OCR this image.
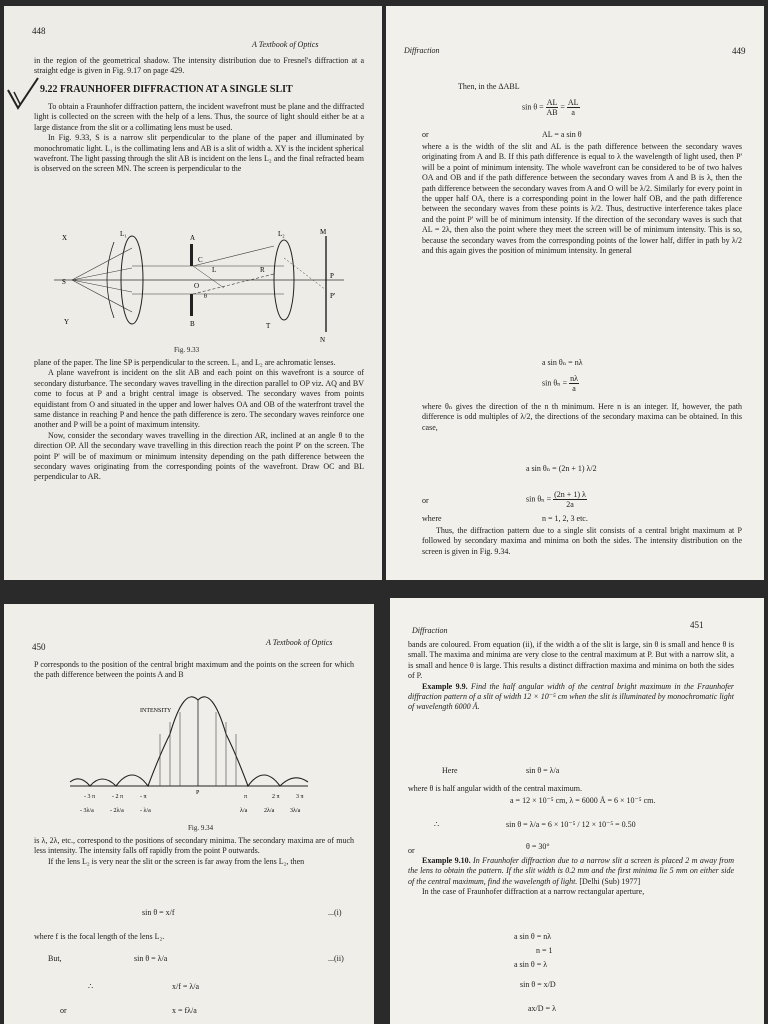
448
A Textbook of Optics

in the region of the geometrical shadow. The intensity distribution due to Fresnel's diffraction at a straight edge is given in Fig. 9.17 on page 429.

9.22 FRAUNHOFER DIFFRACTION AT A SINGLE SLIT

To obtain a Fraunhofer diffraction pattern, the incident wavefront must be plane and the diffracted light is collected on the screen with the help of a lens. Thus, the source of light should either be at a large distance from the slit or a collimating lens must be used.

In Fig. 9.33, S is a narrow slit perpendicular to the plane of the paper and illuminated by monochromatic light. L₁ is the collimating lens and AB is a slit of width a. XY is the incident spherical wavefront. The light passing through the slit AB is incident on the lens L₂ and the final refracted beam is observed on the screen MN. The screen is perpendicular to the

X	L₁
S
Y
A
B
C
L
O
R
θ
L₂	M
N
P
P'
T
Fig. 9.33

plane of the paper. The line SP is perpendicular to the screen. L₁ and L₂ are achromatic lenses.

A plane wavefront is incident on the slit AB and each point on this wavefront is a source of secondary disturbance. The secondary waves travelling in the direction parallel to OP viz. AQ and BV come to focus at P and a bright central image is observed. The secondary waves from points equidistant from O and situated in the upper and lower halves OA and OB of the waterfront travel the same distance in reaching P and hence the path difference is zero. The secondary waves reinforce one another and P will be a point of maximum intensity.

Now, consider the secondary waves travelling in the direction AR, inclined at an angle θ to the direction OP. All the secondary wave travelling in this direction reach the point P' on the screen. The point P' will be of maximum or minimum intensity depending on the path difference between the secondary waves originating from the corresponding points of the wavefront. Draw OC and BL perpendicular to AR.

Diffraction	449
Then, in the ΔABL
$\sin \theta = \frac{AL}{AB} = \frac{AL}{a}$
or	AL = a sin θ

where a is the width of the slit and AL is the path difference between the secondary waves originating from A and B. If this path difference is equal to λ the wavelength of light used, then P' will be a point of minimum intensity. The whole wavefront can be considered to be of two halves OA and OB and if the path difference between the secondary waves from A and B is λ, then the path difference between the secondary waves from A and O will be λ/2. Similarly for every point in the upper half OA, there is a corresponding point in the lower half OB, and the path difference between the secondary waves from these points is λ/2. Thus, destructive interference takes place and the point P' will be of minimum intensity. If the direction of the secondary waves is such that AL = 2λ, then also the point where they meet the screen will be of minimum intensity. This is so, because the secondary waves from the corresponding points of the lower half, differ in path by λ/2 and this again gives the position of minimum intensity. In general

a sin θₙ = nλ
$\sin \theta_n = \frac{n\lambda}{a}$

where θₙ gives the direction of the n th minimum. Here n is an integer. If, however, the path difference is odd multiples of λ/2, the directions of the secondary maxima can be obtained. In this case,

a sin θₙ = (2n + 1) λ/2
or	$\sin \theta_n = \frac{(2n + 1) \lambda}{2a}$
where	n = 1, 2, 3 etc.

Thus, the diffraction pattern due to a single slit consists of a central bright maximum at P followed by secondary maxima and minima on both the sides. The intensity distribution on the screen is given in Fig. 9.34.

450	A Textbook of Optics

P corresponds to the position of the central bright maximum and the points on the screen for which the path difference between the points A and B

INTENSITY
- 3 π	- 2 π	- π
P
π	2 π	3 π
- 3λ/a	- 2λ/a	- λ/a	λ/a	2λ/a	3λ/a
Fig. 9.34

is λ, 2λ, etc., correspond to the positions of secondary minima. The secondary maxima are of much less intensity. The intensity falls off rapidly from the point P outwards.

If the lens L₂ is very near the slit or the screen is far away from the lens L₂, then

sin θ = x/f	...(i)
where f is the focal length of the lens L₂.
But,	sin θ = λ/a	...(ii)
∴	x/f = λ/a
or	x = fλ/a
Diffraction
451

bands are coloured. From equation (ii), if the width a of the slit is large, sin θ is small and hence θ is small. The maxima and minima are very close to the central maximum at P. But with a narrow slit, a is small and hence θ is large. This results a distinct diffraction maxima and minima on both the sides of P.

Example 9.9. Find the half angular width of the central bright maximum in the Fraunhofer diffraction pattern of a slit of width 12 × 10⁻⁵ cm when the slit is illuminated by monochromatic light of wavelength 6000 Å.

Here	sin θ = λ/a
where θ is half angular width of the central maximum.
a = 12 × 10⁻⁵ cm, λ = 6000 Å = 6 × 10⁻⁵ cm.
∴	sin θ = λ/a = 6 × 10⁻⁵ / 12 × 10⁻⁵ = 0.50
or	θ = 30°

Example 9.10. In Fraunhofer diffraction due to a narrow slit a screen is placed 2 m away from the lens to obtain the pattern. If the slit width is 0.2 mm and the first minima lie 5 mm on either side of the central maximum, find the wavelength of light. [Delhi (Sub) 1977]

In the case of Fraunhofer diffraction at a narrow rectangular aperture,

a sin θ = nλ
n = 1
a sin θ = λ
sin θ = x/D
ax/D = λ
